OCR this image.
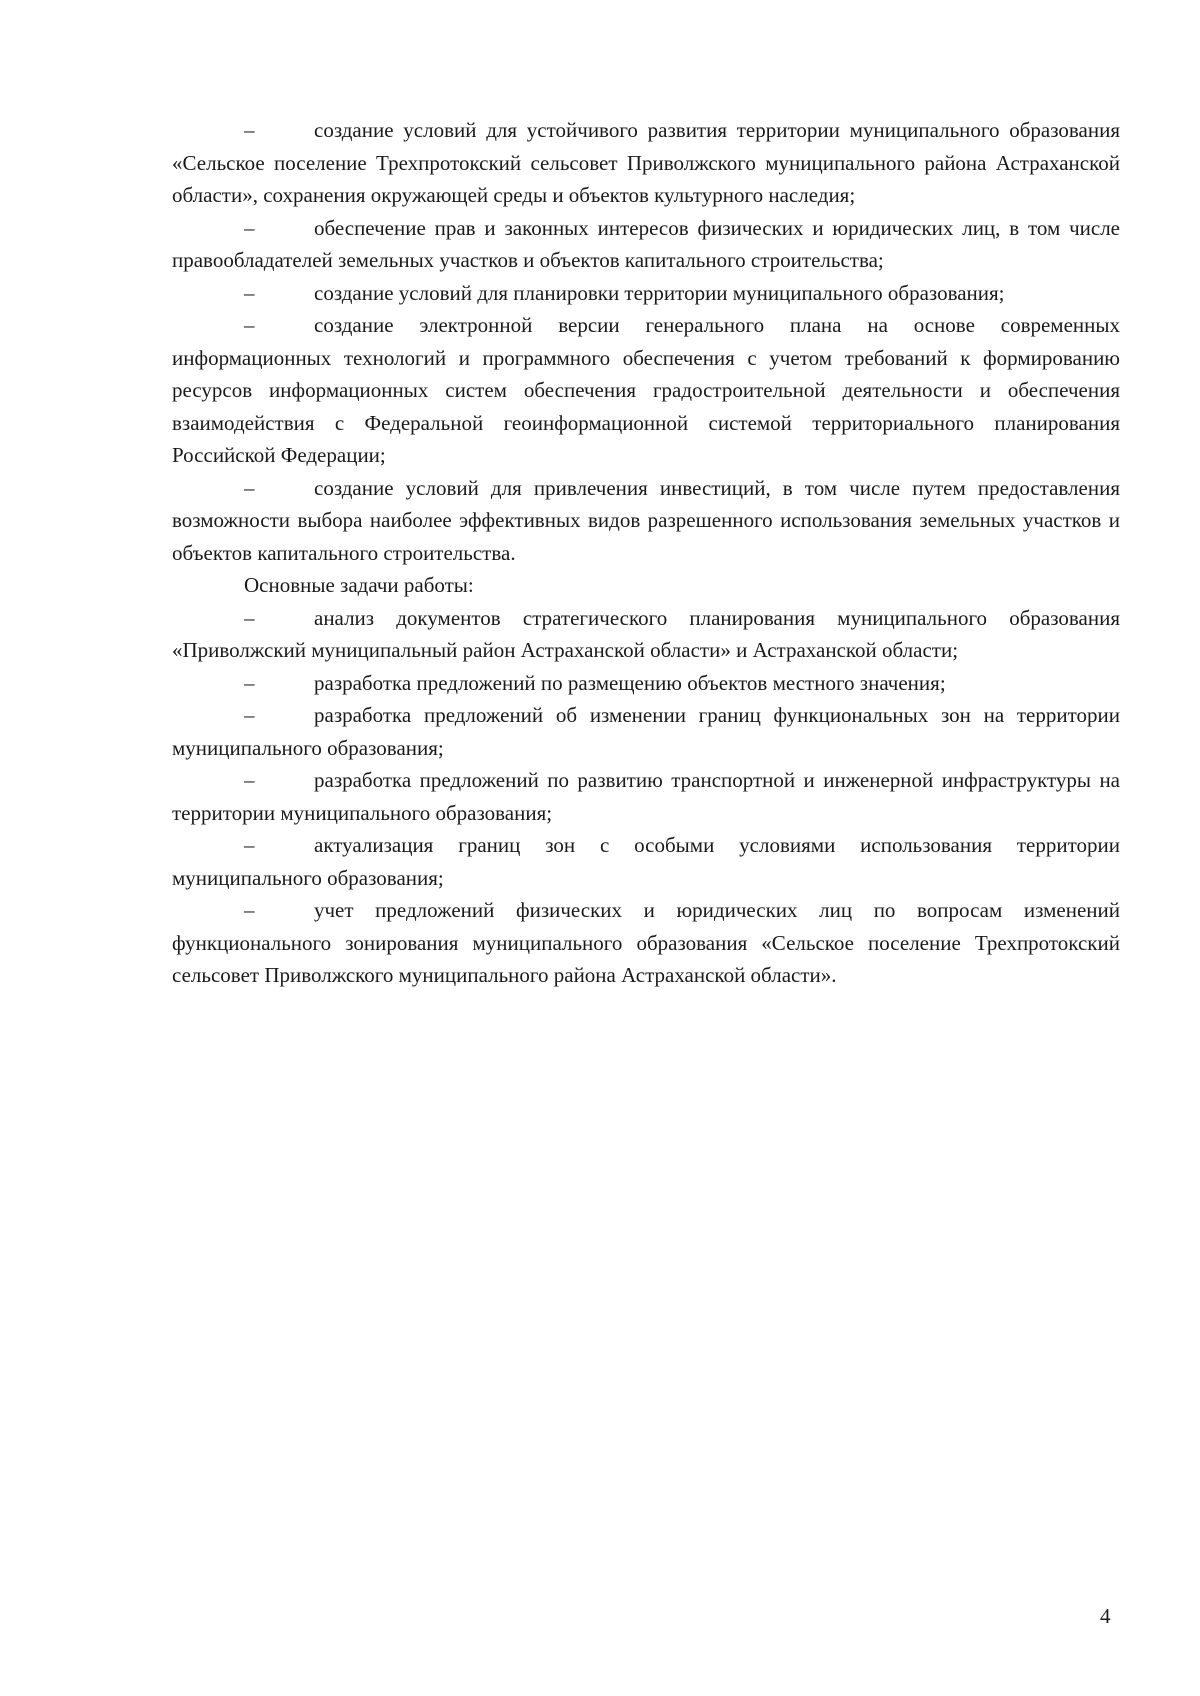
–	создание условий для устойчивого развития территории муниципального образования «Сельское поселение Трехпротокский сельсовет Приволжского муниципального района Астраханской области», сохранения окружающей среды и объектов культурного наследия;

–	обеспечение прав и законных интересов физических и юридических лиц, в том числе правообладателей земельных участков и объектов капитального строительства;

–	создание условий для планировки территории муниципального образования;

–	создание электронной версии генерального плана на основе современных информационных технологий и программного обеспечения с учетом требований к формированию ресурсов информационных систем обеспечения градостроительной деятельности и обеспечения взаимодействия с Федеральной геоинформационной системой территориального планирования Российской Федерации;

–	создание условий для привлечения инвестиций, в том числе путем предоставления возможности выбора наиболее эффективных видов разрешенного использования земельных участков и объектов капитального строительства.

Основные задачи работы:

–	анализ документов стратегического планирования муниципального образования «Приволжский муниципальный район Астраханской области» и Астраханской области;

–	разработка предложений по размещению объектов местного значения;

–	разработка предложений об изменении границ функциональных зон на территории муниципального образования;

–	разработка предложений по развитию транспортной и инженерной инфраструктуры на территории муниципального образования;

–	актуализация границ зон с особыми условиями использования территории муниципального образования;

–	учет предложений физических и юридических лиц по вопросам изменений функционального зонирования муниципального образования «Сельское поселение Трехпротокский сельсовет Приволжского муниципального района Астраханской области».

4
